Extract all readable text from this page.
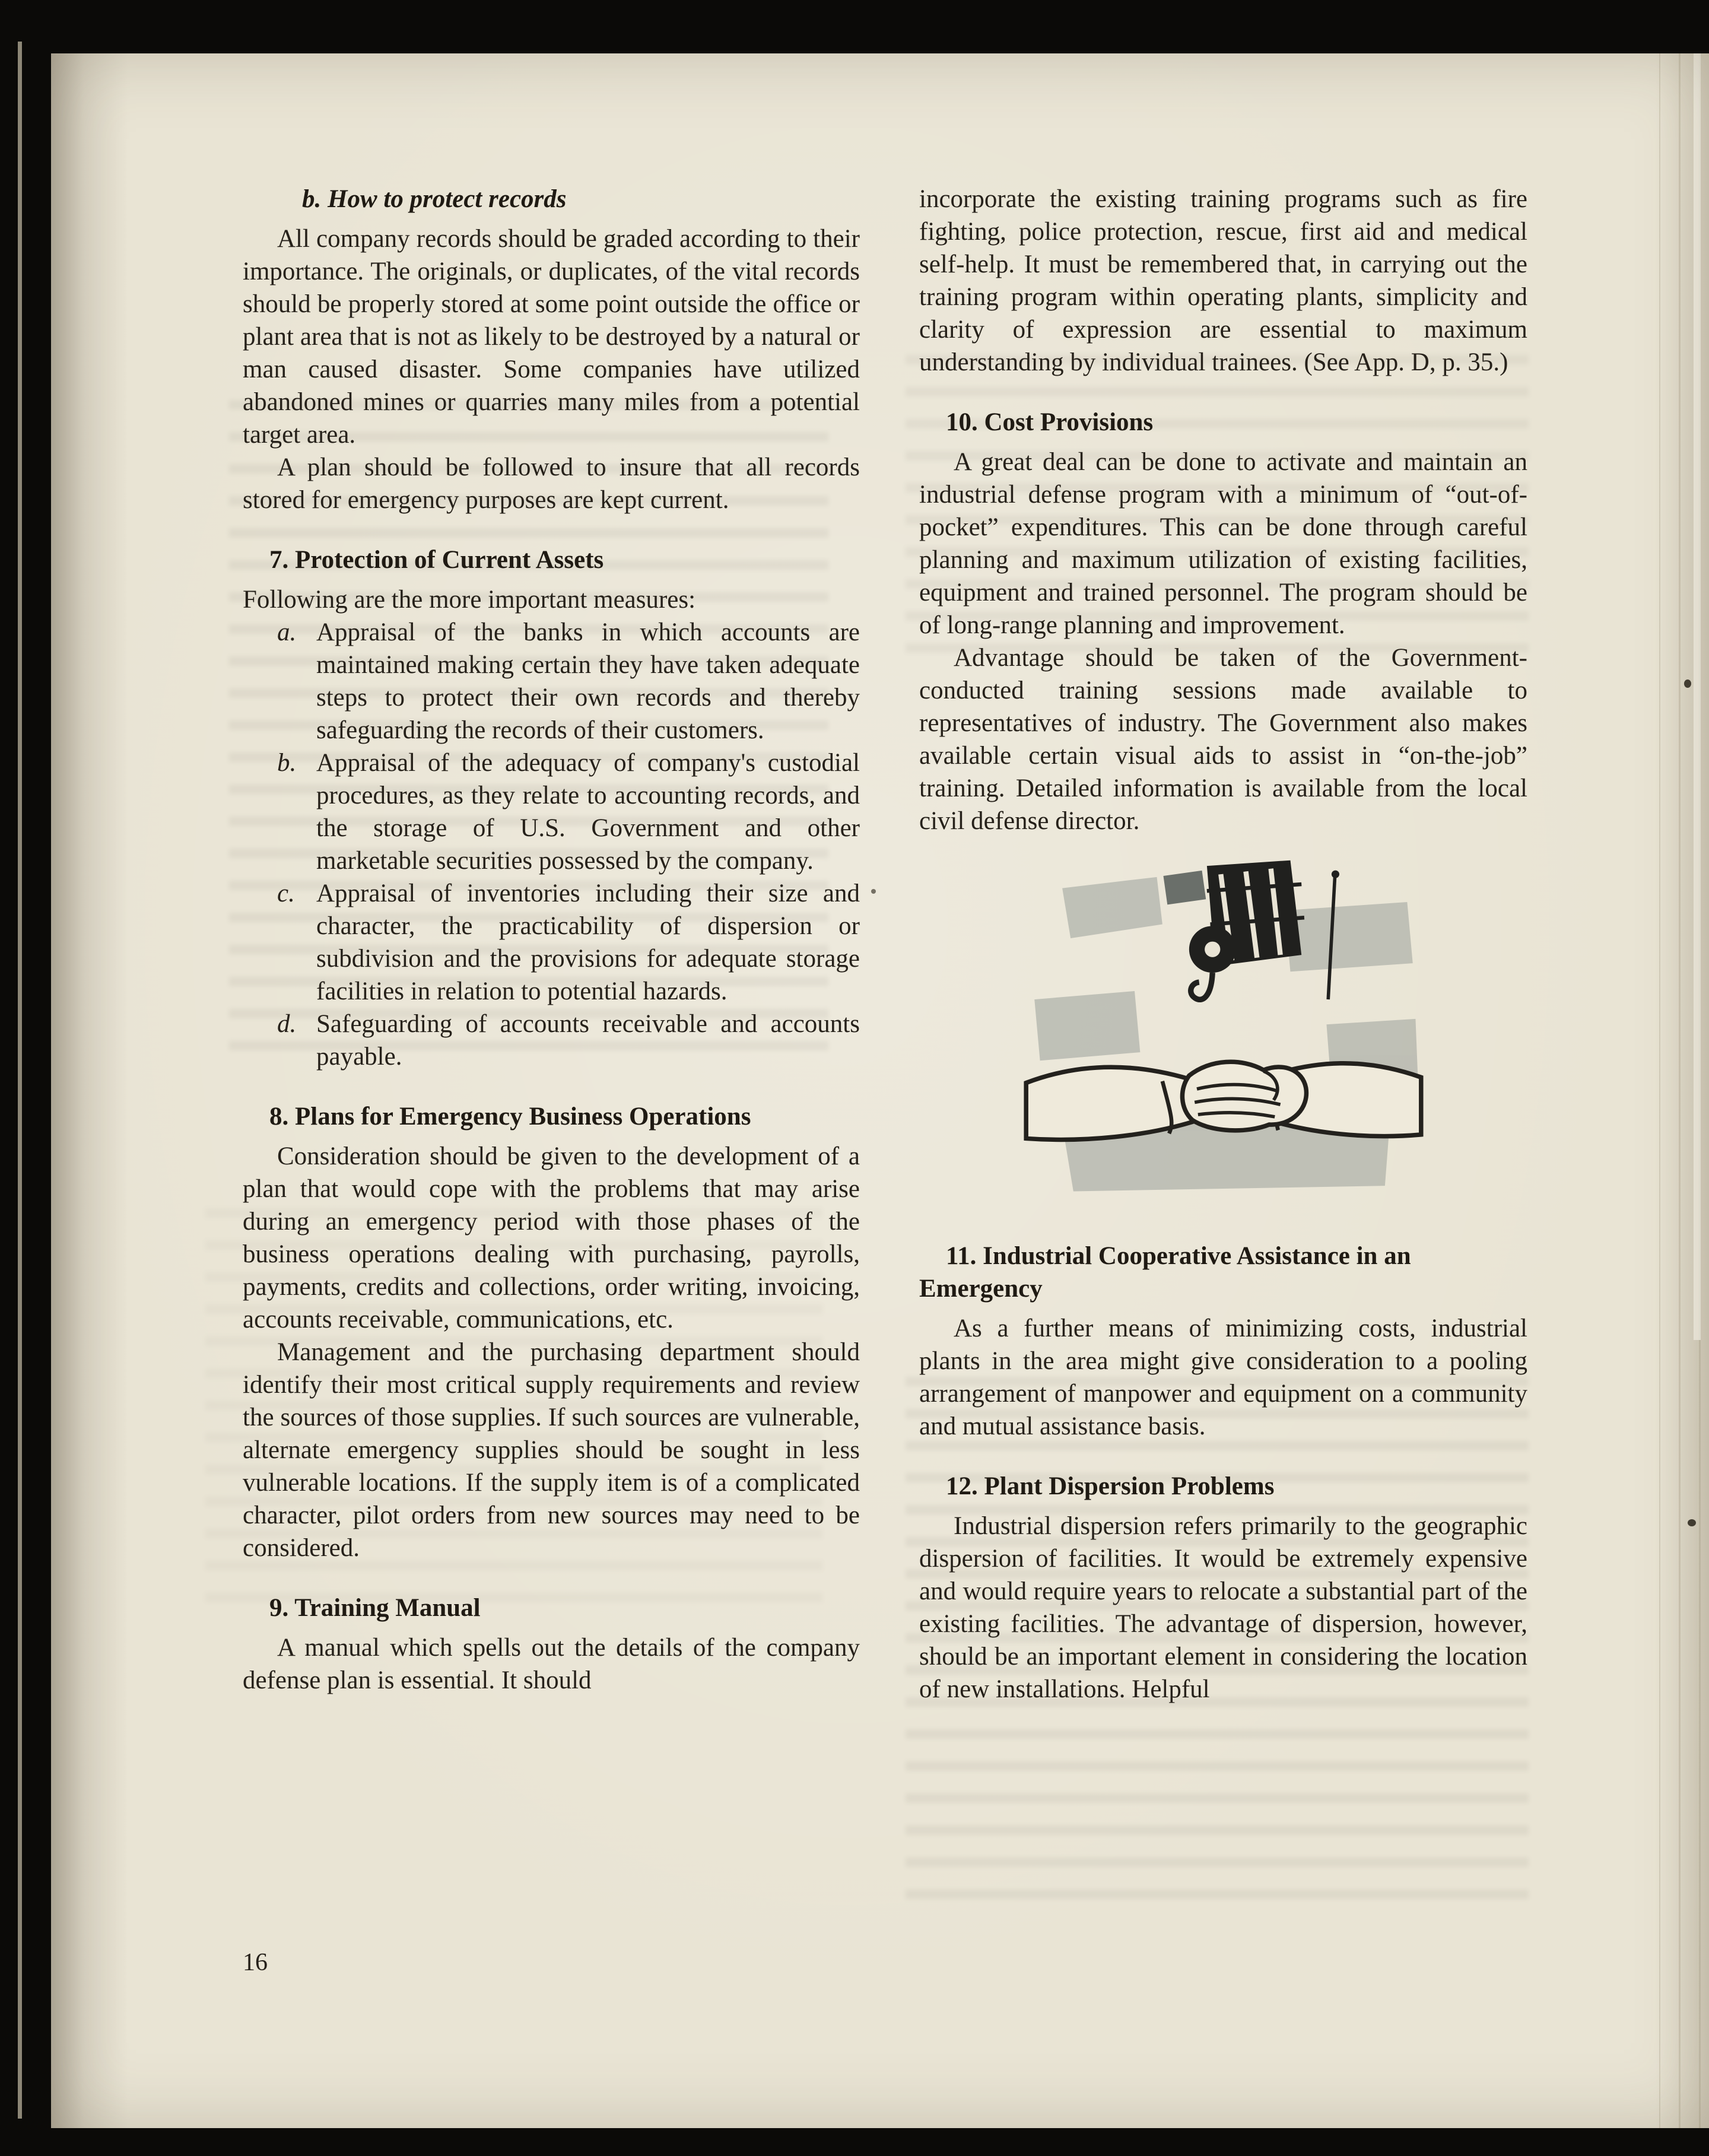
b. How to protect records

All company records should be graded according to their importance. The originals, or duplicates, of the vital records should be properly stored at some point outside the office or plant area that is not as likely to be destroyed by a natural or man caused disaster. Some companies have utilized abandoned mines or quarries many miles from a potential target area.

A plan should be followed to insure that all records stored for emergency purposes are kept current.

7. Protection of Current Assets

Following are the more important measures:

a. Appraisal of the banks in which accounts are maintained making certain they have taken adequate steps to protect their own records and thereby safeguarding the records of their customers.
b. Appraisal of the adequacy of company's custodial procedures, as they relate to accounting records, and the storage of U.S. Government and other marketable securities possessed by the company.
c. Appraisal of inventories including their size and character, the practicability of dispersion or subdivision and the provisions for adequate storage facilities in relation to potential hazards.
d. Safeguarding of accounts receivable and accounts payable.
8. Plans for Emergency Business Operations

Consideration should be given to the development of a plan that would cope with the problems that may arise during an emergency period with those phases of the business operations dealing with purchasing, payrolls, payments, credits and collections, order writing, invoicing, accounts receivable, communications, etc.

Management and the purchasing department should identify their most critical supply requirements and review the sources of those supplies. If such sources are vulnerable, alternate emergency supplies should be sought in less vulnerable locations. If the supply item is of a complicated character, pilot orders from new sources may need to be considered.

9. Training Manual

A manual which spells out the details of the company defense plan is essential. It should

incorporate the existing training programs such as fire fighting, police protection, rescue, first aid and medical self-help. It must be remembered that, in carrying out the training program within operating plants, simplicity and clarity of expression are essential to maximum understanding by individual trainees. (See App. D, p. 35.)

10. Cost Provisions

A great deal can be done to activate and maintain an industrial defense program with a minimum of “out-of-pocket” expenditures. This can be done through careful planning and maximum utilization of existing facilities, equipment and trained personnel. The program should be of long-range planning and improvement.

Advantage should be taken of the Government-conducted training sessions made available to representatives of industry. The Government also makes available certain visual aids to assist in “on-the-job” training. Detailed information is available from the local civil defense director.

11. Industrial Cooperative Assistance in an Emergency

As a further means of minimizing costs, industrial plants in the area might give consideration to a pooling arrangement of manpower and equipment on a community and mutual assistance basis.

12. Plant Dispersion Problems

Industrial dispersion refers primarily to the geographic dispersion of facilities. It would be extremely expensive and would require years to relocate a substantial part of the existing facilities. The advantage of dispersion, however, should be an important element in considering the location of new installations. Helpful

16
